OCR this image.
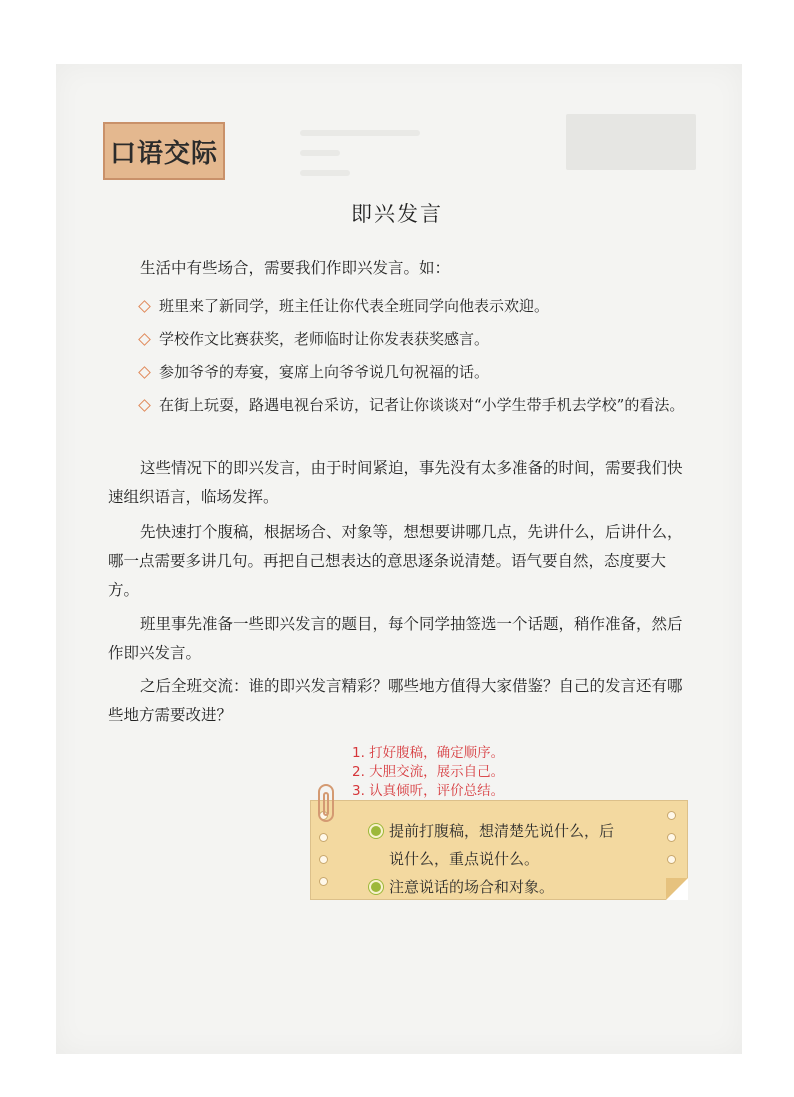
口语交际
即兴发言
生活中有些场合，需要我们作即兴发言。如：
班里来了新同学，班主任让你代表全班同学向他表示欢迎。
学校作文比赛获奖，老师临时让你发表获奖感言。
参加爷爷的寿宴，宴席上向爷爷说几句祝福的话。
在街上玩耍，路遇电视台采访，记者让你谈谈对“小学生带手机去学校”的看法。
这些情况下的即兴发言，由于时间紧迫，事先没有太多准备的时间，需要我们快速组织语言，临场发挥。
先快速打个腹稿，根据场合、对象等，想想要讲哪几点，先讲什么，后讲什么，哪一点需要多讲几句。再把自己想表达的意思逐条说清楚。语气要自然，态度要大方。
班里事先准备一些即兴发言的题目，每个同学抽签选一个话题，稍作准备，然后作即兴发言。
之后全班交流：谁的即兴发言精彩？哪些地方值得大家借鉴？自己的发言还有哪些地方需要改进？
1. 打好腹稿，确定顺序。
2. 大胆交流，展示自己。
3. 认真倾听，评价总结。
提前打腹稿，想清楚先说什么，后
说什么，重点说什么。
注意说话的场合和对象。
